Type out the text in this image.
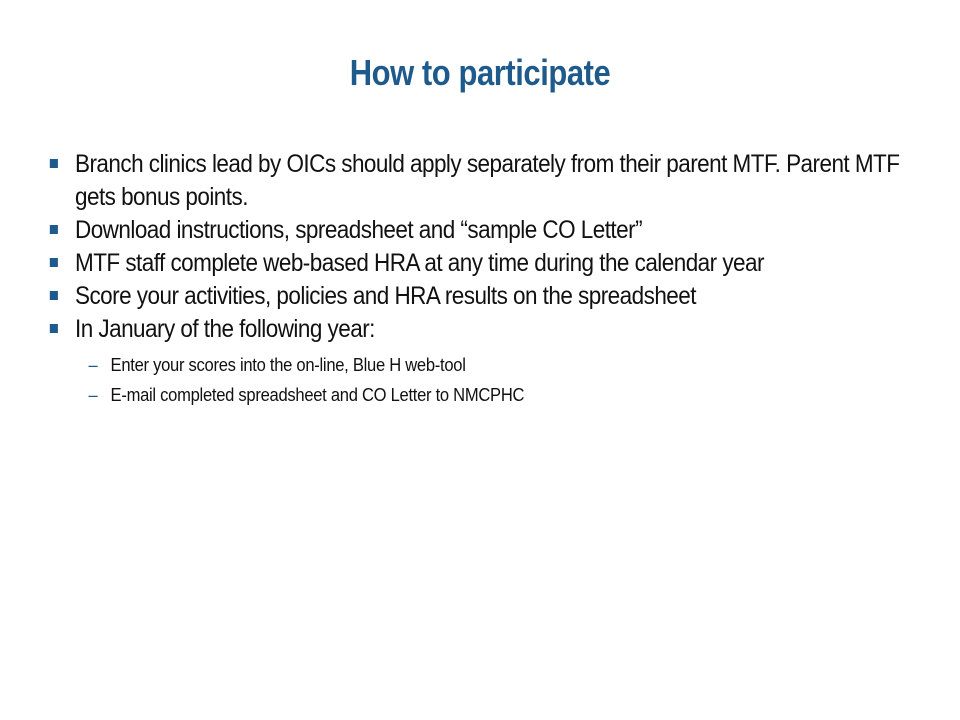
How to participate
Branch clinics lead by OICs should apply separately from their parent MTF. Parent MTF gets bonus points.
Download instructions, spreadsheet and “sample CO Letter”
MTF staff complete web-based HRA at any time during the calendar year
Score your activities, policies and HRA results on the spreadsheet
In January of the following year:
– Enter your scores into the on-line, Blue H web-tool
– E-mail completed spreadsheet and CO Letter to NMCPHC
